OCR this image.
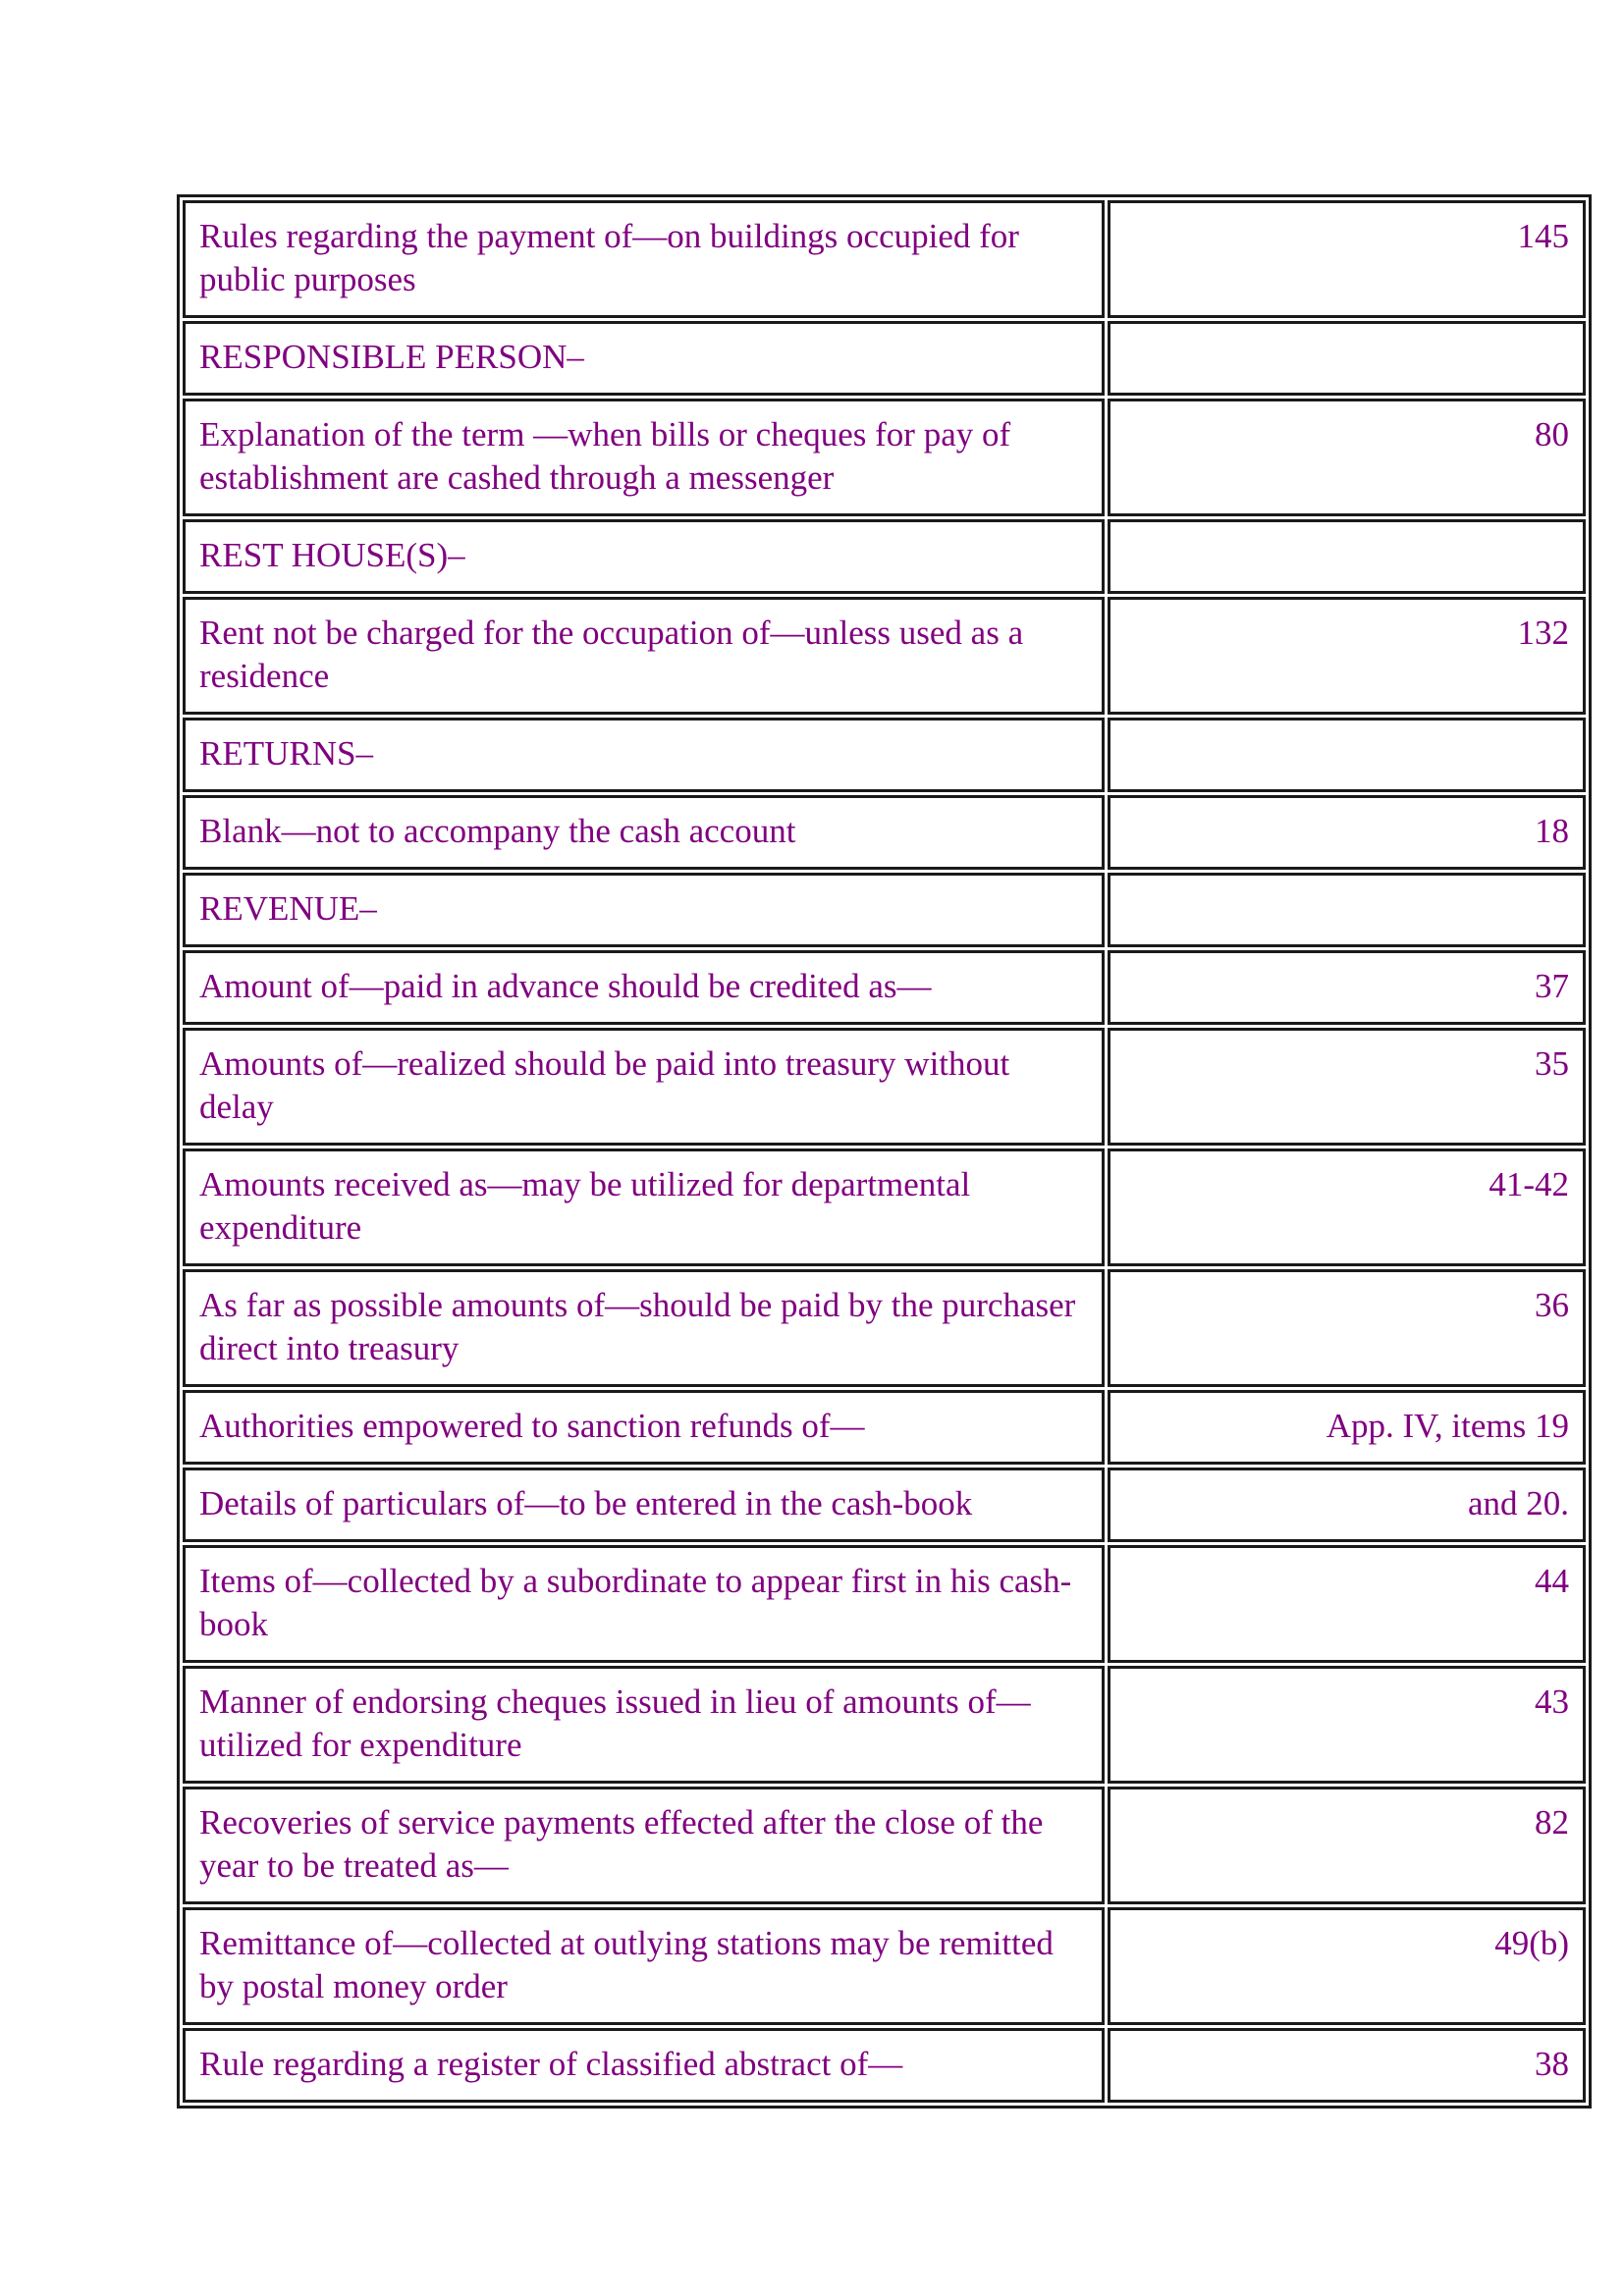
Rules regarding the payment of—on buildings occupied for public purposes	145
RESPONSIBLE PERSON–	
Explanation of the term —when bills or cheques for pay of establishment are cashed through a messenger	80
REST HOUSE(S)–	
Rent not be charged for the occupation of—unless used as a residence	132
RETURNS–	
Blank—not to accompany the cash account	18
REVENUE–	
Amount of—paid in advance should be credited as—	37
Amounts of—realized should be paid into treasury without delay	35
Amounts received as—may be utilized for departmental expenditure	41-42
As far as possible amounts of—should be paid by the purchaser direct into treasury	36
Authorities empowered to sanction refunds of—	App. IV, items 19
Details of particulars of—to be entered in the cash-book	and 20.
Items of—collected by a subordinate to appear first in his cash-book	44
Manner of endorsing cheques issued in lieu of amounts of—utilized for expenditure	43
Recoveries of service payments effected after the close of the year to be treated as—	82
Remittance of—collected at outlying stations may be remitted by postal money order	49(b)
Rule regarding a register of classified abstract of—	38
